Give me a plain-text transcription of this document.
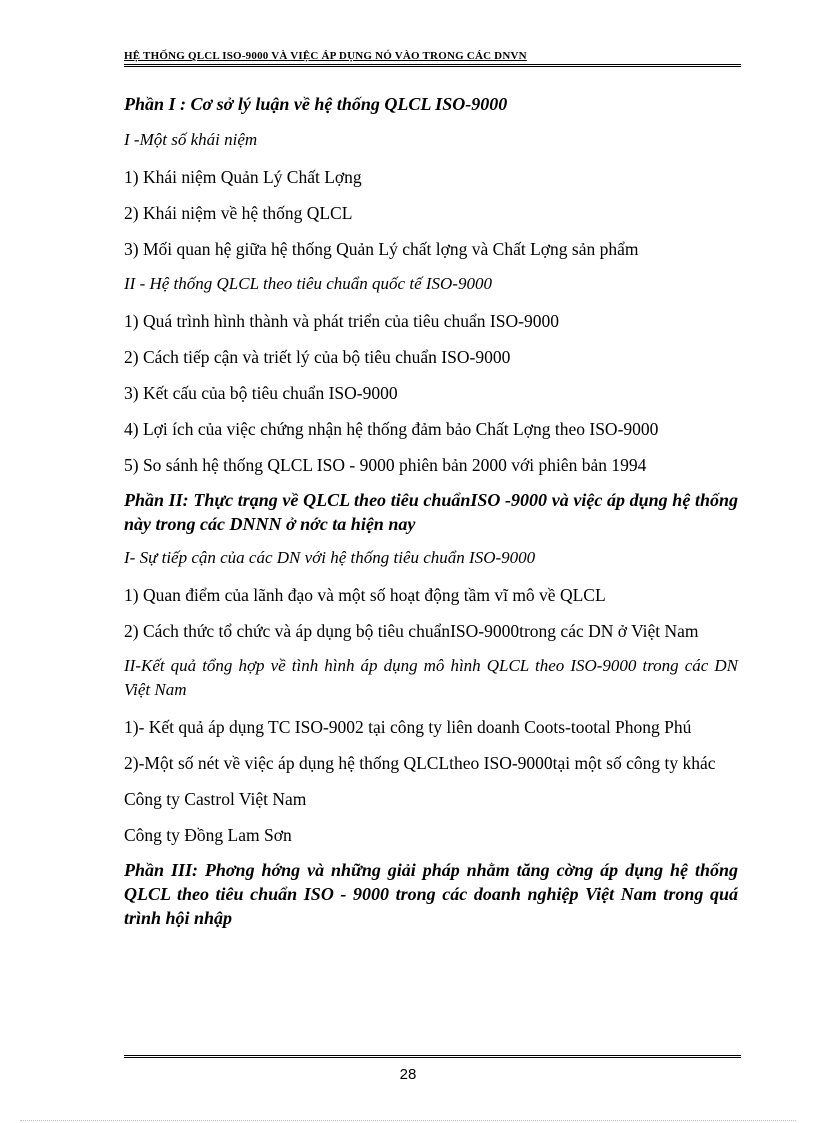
HỆ THỐNG QLCL ISO-9000 VÀ VIỆC ÁP DỤNG NÓ VÀO TRONG CÁC DNVN

Phần I : Cơ sở lý luận về hệ thống QLCL ISO-9000

I -Một số khái niệm

1) Khái niệm Quản Lý Chất Lợng

2) Khái niệm về hệ thống QLCL

3) Mối quan hệ giữa hệ thống Quản Lý chất lợng và Chất Lợng sản phẩm

II - Hệ thống QLCL theo tiêu chuẩn quốc tế ISO-9000

1) Quá trình hình thành và phát triển của tiêu chuẩn ISO-9000

2) Cách tiếp cận và triết lý của bộ tiêu chuẩn ISO-9000

3) Kết cấu của bộ tiêu chuẩn ISO-9000

4) Lợi ích của việc chứng nhận hệ thống đảm bảo Chất Lợng theo ISO-9000

5) So sánh hệ thống QLCL ISO - 9000 phiên bản 2000 với phiên bản 1994

Phần II: Thực trạng về QLCL theo tiêu chuẩnISO -9000 và việc áp dụng hệ thống này trong các DNNN ở nớc ta hiện nay

I- Sự tiếp cận của các DN với hệ thống tiêu chuẩn ISO-9000

1) Quan điểm của lãnh đạo và một số hoạt động tầm vĩ mô về QLCL

2) Cách thức tổ chức và áp dụng bộ tiêu chuẩnISO-9000trong các DN ở Việt Nam

II-Kết quả tổng hợp về tình hình áp dụng mô hình QLCL theo ISO-9000 trong các DN Việt Nam

1)- Kết quả áp dụng TC ISO-9002 tại công ty liên doanh Coots-tootal Phong Phú

2)-Một số nét về việc áp dụng hệ thống QLCLtheo ISO-9000tại một số công ty khác

Công ty Castrol Việt Nam

Công ty Đồng Lam Sơn

Phần III: Phơng hớng và những giải pháp nhằm tăng cờng áp dụng hệ thống QLCL theo tiêu chuẩn ISO - 9000 trong các doanh nghiệp Việt Nam trong quá trình hội nhập

28
